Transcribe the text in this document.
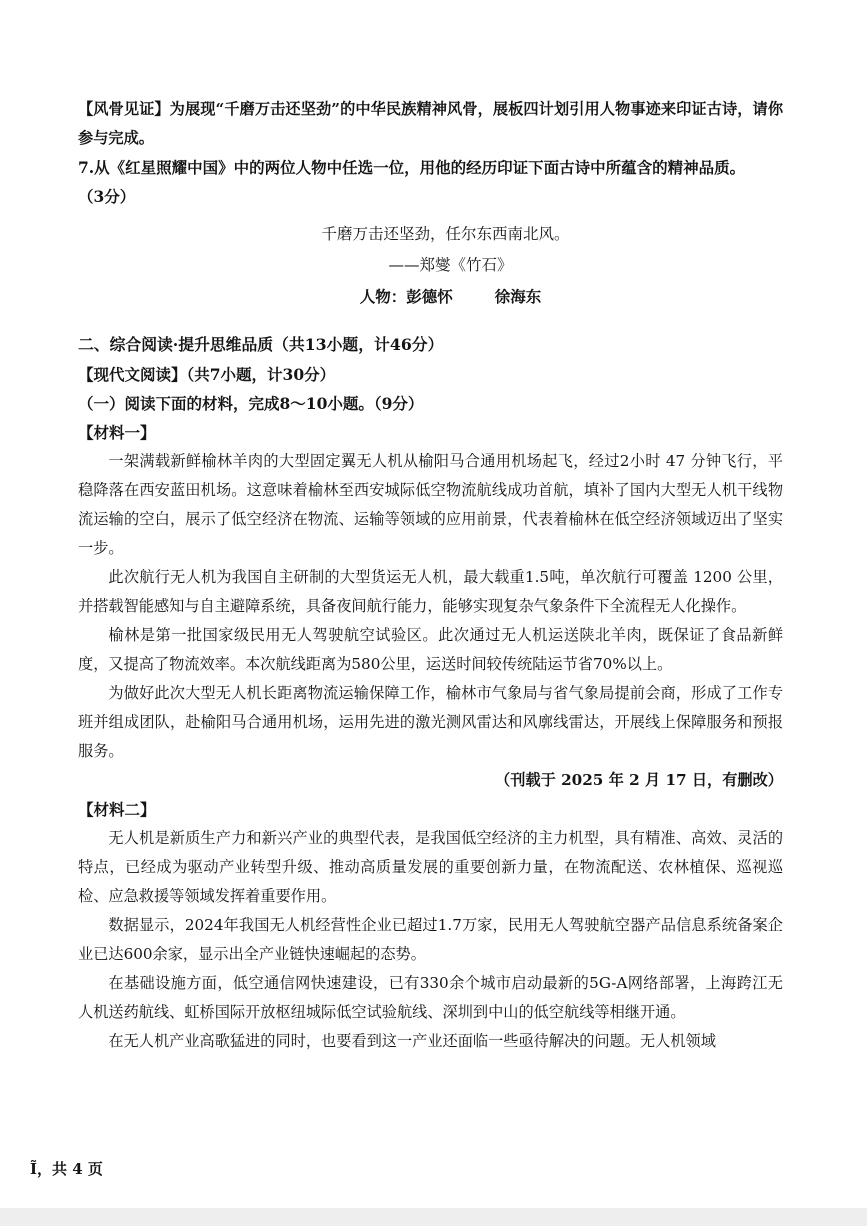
【风骨见证】为展现“千磨万击还坚劲”的中华民族精神风骨，展板四计划引用人物事迹来印证古诗，请你参与完成。

7.从《红星照耀中国》中的两位人物中任选一位，用他的经历印证下面古诗中所蕴含的精神品质。
（3分）

千磨万击还坚劲，任尔东西南北风。

——郑燮《竹石》

人物：彭德怀	徐海东

二、综合阅读·提升思维品质（共13小题，计46分）

【现代文阅读】（共7小题，计30分）

（一）阅读下面的材料，完成8～10小题。（9分）

【材料一】

一架满载新鲜榆林羊肉的大型固定翼无人机从榆阳马合通用机场起飞，经过2小时 47 分钟飞行，平稳降落在西安蓝田机场。这意味着榆林至西安城际低空物流航线成功首航，填补了国内大型无人机干线物流运输的空白，展示了低空经济在物流、运输等领域的应用前景，代表着榆林在低空经济领域迈出了坚实一步。

此次航行无人机为我国自主研制的大型货运无人机，最大载重1.5吨，单次航行可覆盖 1200 公里，并搭载智能感知与自主避障系统，具备夜间航行能力，能够实现复杂气象条件下全流程无人化操作。

榆林是第一批国家级民用无人驾驶航空试验区。此次通过无人机运送陕北羊肉，既保证了食品新鲜度，又提高了物流效率。本次航线距离为580公里，运送时间较传统陆运节省70%以上。

为做好此次大型无人机长距离物流运输保障工作，榆林市气象局与省气象局提前会商，形成了工作专班并组成团队，赴榆阳马合通用机场，运用先进的激光测风雷达和风廓线雷达，开展线上保障服务和预报服务。

（刊载于 2025 年 2 月 17 日，有删改）

【材料二】

无人机是新质生产力和新兴产业的典型代表，是我国低空经济的主力机型，具有精准、高效、灵活的特点，已经成为驱动产业转型升级、推动高质量发展的重要创新力量，在物流配送、农林植保、巡视巡检、应急救援等领域发挥着重要作用。

数据显示，2024年我国无人机经营性企业已超过1.7万家，民用无人驾驶航空器产品信息系统备案企业已达600余家，显示出全产业链快速崛起的态势。

在基础设施方面，低空通信网快速建设，已有330余个城市启动最新的5G-A网络部署，上海跨江无人机送药航线、虹桥国际开放枢纽城际低空试验航线、深圳到中山的低空航线等相继开通。

在无人机产业高歌猛进的同时，也要看到这一产业还面临一些亟待解决的问题。无人机领域

Ĩ，共 4 页
